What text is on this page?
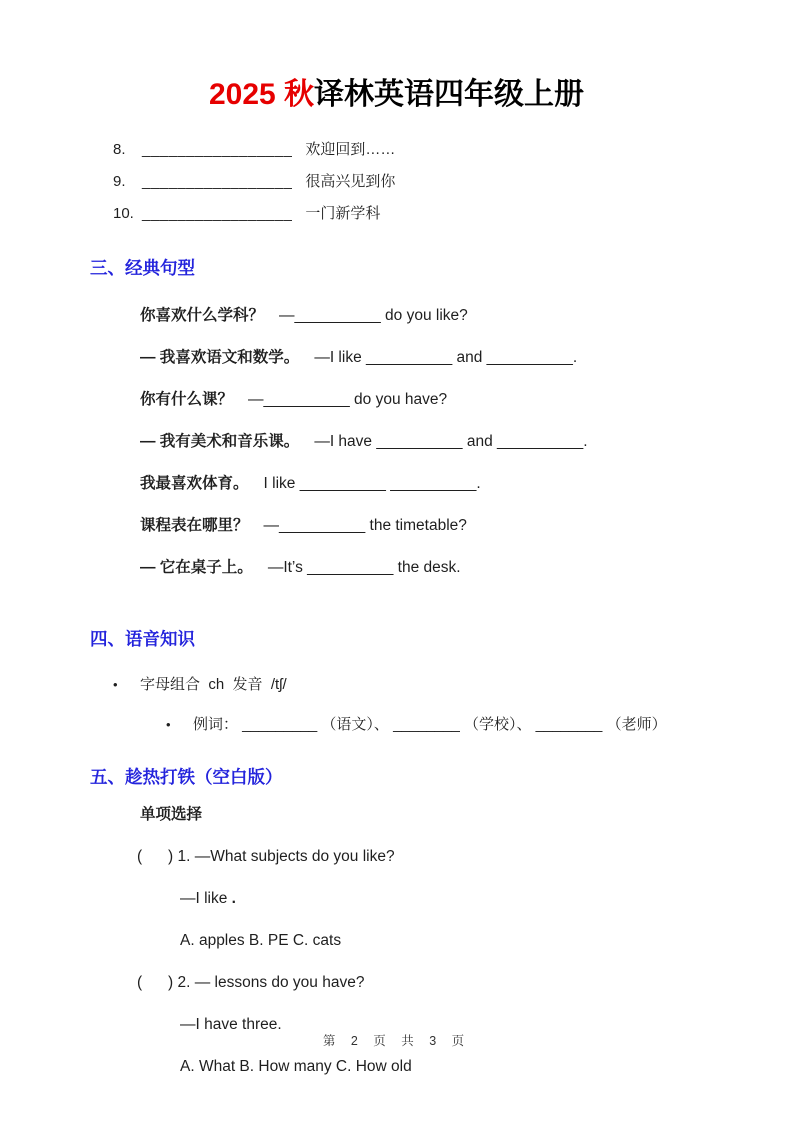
2025 秋译林英语四年级上册
8.	_________________ 欢迎回到……
9.	_________________ 很高兴见到你
10. _________________ 一门新学科
三、经典句型
你喜欢什么学科？ —__________ do you like?
— 我喜欢语文和数学。 —I like __________ and __________.
你有什么课？ —__________ do you have?
— 我有美术和音乐课。 —I have __________ and __________.
我最喜欢体育。 I like __________ __________.
课程表在哪里？ —__________ the timetable?
— 它在桌子上。 —It’s __________ the desk.
四、语音知识
•	字母组合  ch  发音  /tʃ/
•	例词： _________ （语文）、 ________ （学校）、 ________ （老师）
五、趁热打铁（空白版）
单项选择
(      ) 1. —What subjects do you like?
—I like .
A. apples B. PE C. cats
(      ) 2. — lessons do you have?
—I have three.
A. What B. How many C. How old
第 2 页 共 3 页
